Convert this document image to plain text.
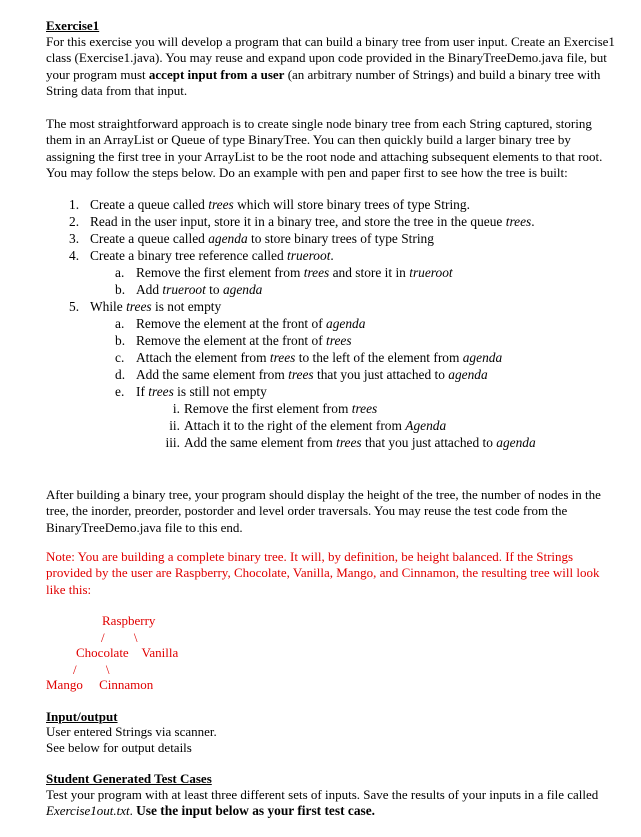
Exercise1

For this exercise you will develop a program that can build a binary tree from user input. Create an Exercise1 class (Exercise1.java). You may reuse and expand upon code provided in the BinaryTreeDemo.java file, but your program must accept input from a user (an arbitrary number of Strings) and build a binary tree with String data from that input.

The most straightforward approach is to create single node binary tree from each String captured, storing them in an ArrayList or Queue of type BinaryTree. You can then quickly build a larger binary tree by assigning the first tree in your ArrayList to be the root node and attaching subsequent elements to that root. You may follow the steps below. Do an example with pen and paper first to see how the tree is built:

1. Create a queue called trees which will store binary trees of type String.
2. Read in the user input, store it in a binary tree, and store the tree in the queue trees.
3. Create a queue called agenda to store binary trees of type String
4. Create a binary tree reference called trueroot.
a. Remove the first element from trees and store it in trueroot
b. Add trueroot to agenda
5. While trees is not empty
a. Remove the element at the front of agenda
b. Remove the element at the front of trees
c. Attach the element from trees to the left of the element from agenda
d. Add the same element from trees that you just attached to agenda
e. If trees is still not empty
i. Remove the first element from trees
ii. Attach it to the right of the element from Agenda
iii. Add the same element from trees that you just attached to agenda

After building a binary tree, your program should display the height of the tree, the number of nodes in the tree, the inorder, preorder, postorder and level order traversals. You may reuse the test code from the BinaryTreeDemo.java file to this end.

Note: You are building a complete binary tree. It will, by definition, be height balanced. If the Strings provided by the user are Raspberry, Chocolate, Vanilla, Mango, and Cinnamon, the resulting tree will look like this:

Raspberry
/         \
Chocolate    Vanilla
/         \
Mango     Cinnamon

Input/output

User entered Strings via scanner.

See below for output details

Student Generated Test Cases

Test your program with at least three different sets of inputs. Save the results of your inputs in a file called Exercise1out.txt. Use the input below as your first test case.
